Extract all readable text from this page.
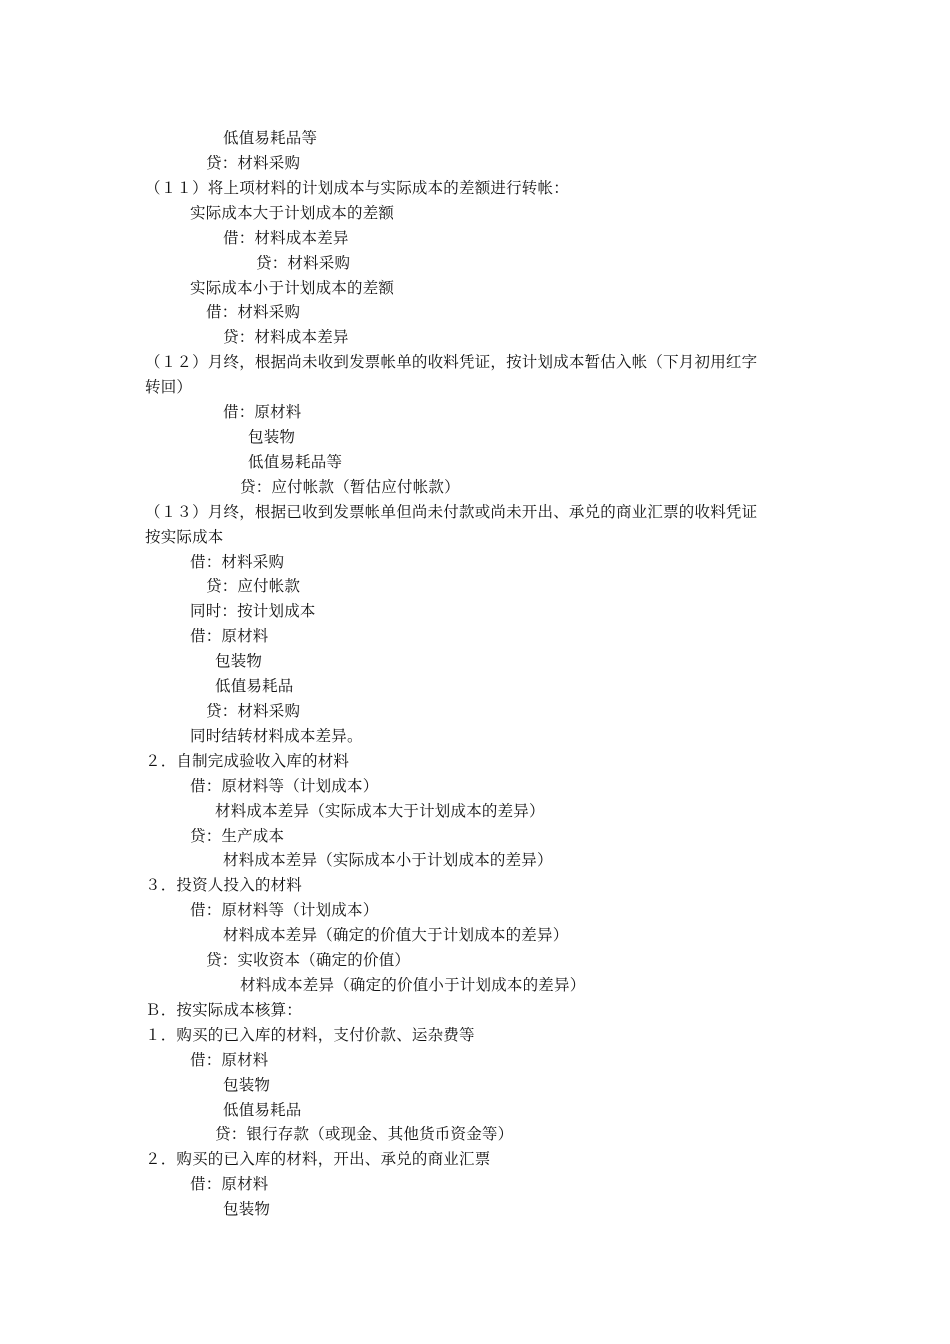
低值易耗品等
贷：材料采购
（１１）将上项材料的计划成本与实际成本的差额进行转帐：
实际成本大于计划成本的差额
借：材料成本差异
贷：材料采购
实际成本小于计划成本的差额
借：材料采购
贷：材料成本差异
（１２）月终，根据尚未收到发票帐单的收料凭证，按计划成本暂估入帐（下月初用红字
转回）
借：原材料
包装物
低值易耗品等
贷：应付帐款（暂估应付帐款）
（１３）月终，根据已收到发票帐单但尚未付款或尚未开出、承兑的商业汇票的收料凭证
按实际成本
借：材料采购
贷：应付帐款
同时：按计划成本
借：原材料
包装物
低值易耗品
贷：材料采购
同时结转材料成本差异。
２．自制完成验收入库的材料
借：原材料等（计划成本）
材料成本差异（实际成本大于计划成本的差异）
贷：生产成本
材料成本差异（实际成本小于计划成本的差异）
３．投资人投入的材料
借：原材料等（计划成本）
材料成本差异（确定的价值大于计划成本的差异）
贷：实收资本（确定的价值）
材料成本差异（确定的价值小于计划成本的差异）
Ｂ．按实际成本核算：
１．购买的已入库的材料，支付价款、运杂费等
借：原材料
包装物
低值易耗品
贷：银行存款（或现金、其他货币资金等）
２．购买的已入库的材料，开出、承兑的商业汇票
借：原材料
包装物
